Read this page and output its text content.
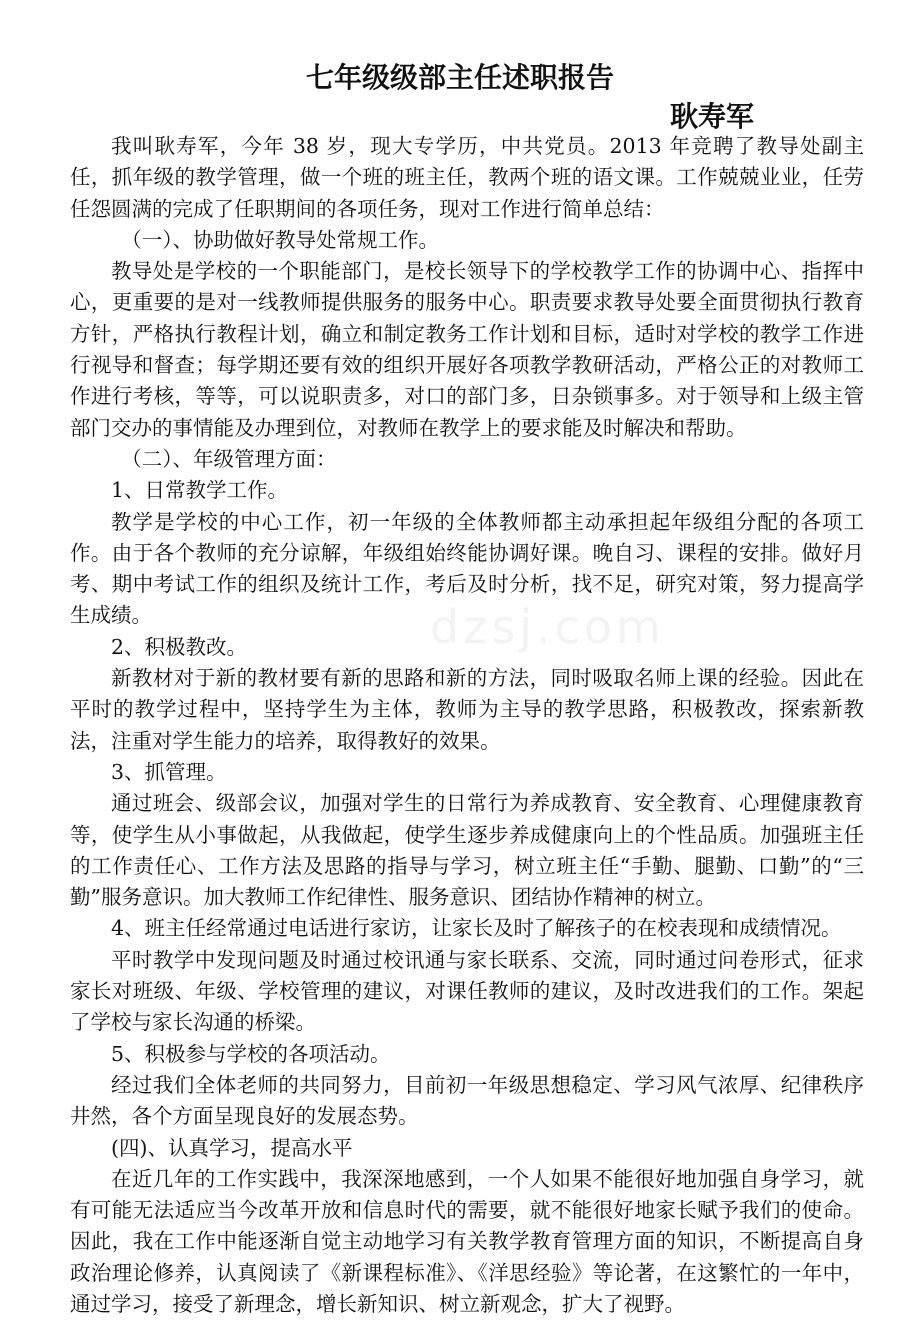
dzsj.com
七年级级部主任述职报告
耿寿军

我叫耿寿军，今年 38 岁，现大专学历，中共党员。2013 年竞聘了教导处副主任，抓年级的教学管理，做一个班的班主任，教两个班的语文课。工作兢兢业业，任劳任怨圆满的完成了任职期间的各项任务，现对工作进行简单总结：

（一）、协助做好教导处常规工作。

教导处是学校的一个职能部门，是校长领导下的学校教学工作的协调中心、指挥中心，更重要的是对一线教师提供服务的服务中心。职责要求教导处要全面贯彻执行教育方针，严格执行教程计划，确立和制定教务工作计划和目标，适时对学校的教学工作进行视导和督查；每学期还要有效的组织开展好各项教学教研活动，严格公正的对教师工作进行考核，等等，可以说职责多，对口的部门多，日杂锁事多。对于领导和上级主管部门交办的事情能及办理到位，对教师在教学上的要求能及时解决和帮助。

（二）、年级管理方面：

1、日常教学工作。

教学是学校的中心工作，初一年级的全体教师都主动承担起年级组分配的各项工作。由于各个教师的充分谅解，年级组始终能协调好课。晚自习、课程的安排。做好月考、期中考试工作的组织及统计工作，考后及时分析，找不足，研究对策，努力提高学生成绩。

2、积极教改。

新教材对于新的教材要有新的思路和新的方法，同时吸取名师上课的经验。因此在平时的教学过程中，坚持学生为主体，教师为主导的教学思路，积极教改，探索新教法，注重对学生能力的培养，取得教好的效果。

3、抓管理。

通过班会、级部会议，加强对学生的日常行为养成教育、安全教育、心理健康教育等，使学生从小事做起，从我做起，使学生逐步养成健康向上的个性品质。加强班主任的工作责任心、工作方法及思路的指导与学习，树立班主任“手勤、腿勤、口勤”的“三勤”服务意识。加大教师工作纪律性、服务意识、团结协作精神的树立。

4、班主任经常通过电话进行家访，让家长及时了解孩子的在校表现和成绩情况。

平时教学中发现问题及时通过校讯通与家长联系、交流，同时通过问卷形式，征求家长对班级、年级、学校管理的建议，对课任教师的建议，及时改进我们的工作。架起了学校与家长沟通的桥梁。

5、积极参与学校的各项活动。

经过我们全体老师的共同努力，目前初一年级思想稳定、学习风气浓厚、纪律秩序井然，各个方面呈现良好的发展态势。

(四)、认真学习，提高水平

在近几年的工作实践中，我深深地感到，一个人如果不能很好地加强自身学习，就有可能无法适应当今改革开放和信息时代的需要，就不能很好地家长赋予我们的使命。因此，我在工作中能逐渐自觉主动地学习有关教学教育管理方面的知识，不断提高自身政治理论修养，认真阅读了《新课程标准》、《洋思经验》等论著，在这繁忙的一年中，通过学习，接受了新理念，增长新知识、树立新观念，扩大了视野。
